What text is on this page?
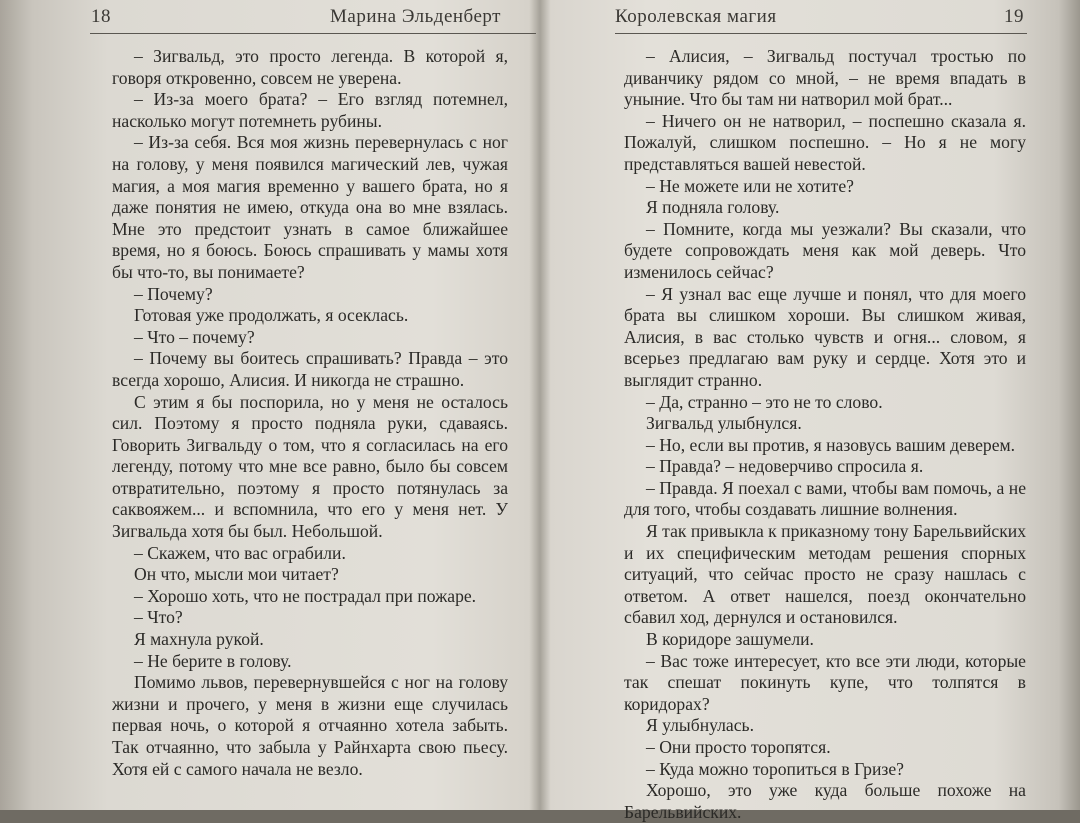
18	Марина Эльденберт

– Зигвальд, это просто легенда. В которой я, говоря откровенно, совсем не уверена.

– Из-за моего брата? – Его взгляд потемнел, насколько могут потемнеть рубины.

– Из-за себя. Вся моя жизнь перевернулась с ног на голову, у меня появился магический лев, чужая магия, а моя магия временно у вашего брата, но я даже понятия не имею, откуда она во мне взялась. Мне это предстоит узнать в самое ближайшее время, но я боюсь. Боюсь спрашивать у мамы хотя бы что-то, вы понимаете?

– Почему?

Готовая уже продолжать, я осеклась.

– Что – почему?

– Почему вы боитесь спрашивать? Правда – это всегда хорошо, Алисия. И никогда не страшно.

С этим я бы поспорила, но у меня не осталось сил. Поэтому я просто подняла руки, сдаваясь. Говорить Зигвальду о том, что я согласилась на его легенду, потому что мне все равно, было бы совсем отвратительно, поэтому я просто потянулась за саквояжем... и вспомнила, что его у меня нет. У Зигвальда хотя бы был. Небольшой.

– Скажем, что вас ограбили.

Он что, мысли мои читает?

– Хорошо хоть, что не пострадал при пожаре.

– Что?

Я махнула рукой.

– Не берите в голову.

Помимо львов, перевернувшейся с ног на голову жизни и прочего, у меня в жизни еще случилась первая ночь, о которой я отчаянно хотела забыть. Так отчаянно, что забыла у Райнхарта свою пьесу. Хотя ей с самого начала не везло.

Королевская магия	19

– Алисия, – Зигвальд постучал тростью по диванчику рядом со мной, – не время впадать в уныние. Что бы там ни натворил мой брат...

– Ничего он не натворил, – поспешно сказала я. Пожалуй, слишком поспешно. – Но я не могу представляться вашей невестой.

– Не можете или не хотите?

Я подняла голову.

– Помните, когда мы уезжали? Вы сказали, что будете сопровождать меня как мой деверь. Что изменилось сейчас?

– Я узнал вас еще лучше и понял, что для моего брата вы слишком хороши. Вы слишком живая, Алисия, в вас столько чувств и огня... словом, я всерьез предлагаю вам руку и сердце. Хотя это и выглядит странно.

– Да, странно – это не то слово.

Зигвальд улыбнулся.

– Но, если вы против, я назовусь вашим деверем.

– Правда? – недоверчиво спросила я.

– Правда. Я поехал с вами, чтобы вам помочь, а не для того, чтобы создавать лишние волнения.

Я так привыкла к приказному тону Барельвийских и их специфическим методам решения спорных ситуаций, что сейчас просто не сразу нашлась с ответом. А ответ нашелся, поезд окончательно сбавил ход, дернулся и остановился.

В коридоре зашумели.

– Вас тоже интересует, кто все эти люди, которые так спешат покинуть купе, что толпятся в коридорах?

Я улыбнулась.

– Они просто торопятся.

– Куда можно торопиться в Гризе?

Хорошо, это уже куда больше похоже на Барельвийских.
